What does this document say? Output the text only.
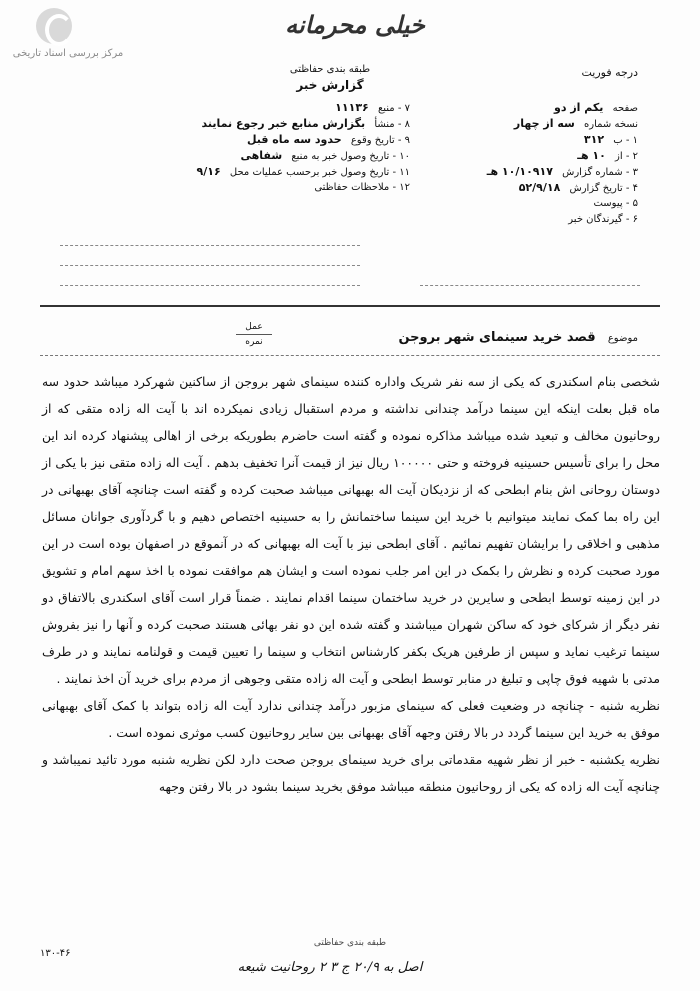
مرکز بررسی اسناد تاریخی
خیلی محرمانه
طبقه بندی حفاظتی
گزارش خبر
درجه فوریت
صفحه یکم از دو
نسخه شماره سه از چهار
۱ - ب ۳۱۲
۲ - از ۱۰ هـ
۳ - شماره گزارش ۱۰/۱۰۹۱۷ هـ
۴ - تاریخ گزارش ۵۲/۹/۱۸
۵ - پیوست
۶ - گیرندگان خبر
۷ - منبع ۱۱۱۳۶
۸ - منشأ بگزارش منابع خبر رجوع نمایند
۹ - تاریخ وقوع حدود سه ماه قبل
۱۰ - تاریخ وصول خبر به منبع شفاهی
۱۱ - تاریخ وصول خبر برحسب عملیات محل ۹/۱۶
۱۲ - ملاحظات حفاظتی
عمل
نمره	موضوع قصد خرید سینمای شهر بروجن

شخصی بنام اسکندری که یکی از سه نفر شریک واداره کننده سینمای شهر بروجن از ساکنین شهرکرد میباشد حدود سه ماه قبل بعلت اینکه این سینما درآمد چندانی نداشته و مردم استقبال زیادی نمیکرده اند با آیت اله زاده متقی که از روحانیون مخالف و تبعید شده میباشد مذاکره نموده و گفته است حاضرم بطوریکه برخی از اهالی پیشنهاد کرده اند این محل را برای تأسیس حسینیه فروخته و حتی ۱۰۰۰۰۰ ریال نیز از قیمت آنرا تخفیف بدهم . آیت اله زاده متقی نیز با یکی از دوستان روحانی اش بنام ابطحی که از نزدیکان آیت اله بهبهانی میباشد صحبت کرده و گفته است چنانچه آقای بهبهانی در این راه بما کمک نمایند میتوانیم با خرید این سینما ساختمانش را به حسینیه اختصاص دهیم و با گردآوری جوانان مسائل مذهبی و اخلاقی را برایشان تفهیم نمائیم . آقای ابطحی نیز با آیت اله بهبهانی که در آنموقع در اصفهان بوده است در این مورد صحبت کرده و نظرش را بکمک در این امر جلب نموده است و ایشان هم موافقت نموده با اخذ سهم امام و تشویق در این زمینه توسط ابطحی و سایرین در خرید ساختمان سینما اقدام نمایند . ضمناً قرار است آقای اسکندری بالاتفاق دو نفر دیگر از شرکای خود که ساکن شهران میباشند و گفته شده این دو نفر بهائی هستند صحبت کرده و آنها را نیز بفروش سینما ترغیب نماید و سپس از طرفین هریک بکفر کارشناس انتخاب و سینما را تعیین قیمت و قولنامه نمایند و در طرف مدتی با شهیه فوق چاپی و تبلیغ در منابر توسط ابطحی و آیت اله زاده متقی وجوهی از مردم برای خرید آن اخذ نمایند .

نظریه شنبه - چنانچه در وضعیت فعلی که سینمای مزبور درآمد چندانی ندارد آیت اله زاده بتواند با کمک آقای بهبهانی موفق به خرید این سینما گردد در بالا رفتن وجهه آقای بهبهانی بین سایر روحانیون کسب موثری نموده است .

نظریه یکشنبه - خبر از نظر شهیه مقدماتی برای خرید سینمای بروجن صحت دارد لکن نظریه شنبه مورد تائید نمیباشد و چنانچه آیت اله زاده که یکی از روحانیون منطقه میباشد موفق بخرید سینما بشود در بالا رفتن وجهه

طبقه بندی حفاظتی
۱۳۰-۴۶
اصل به ۲۰/۹ ج ۳ ۲ روحانیت شیعه
